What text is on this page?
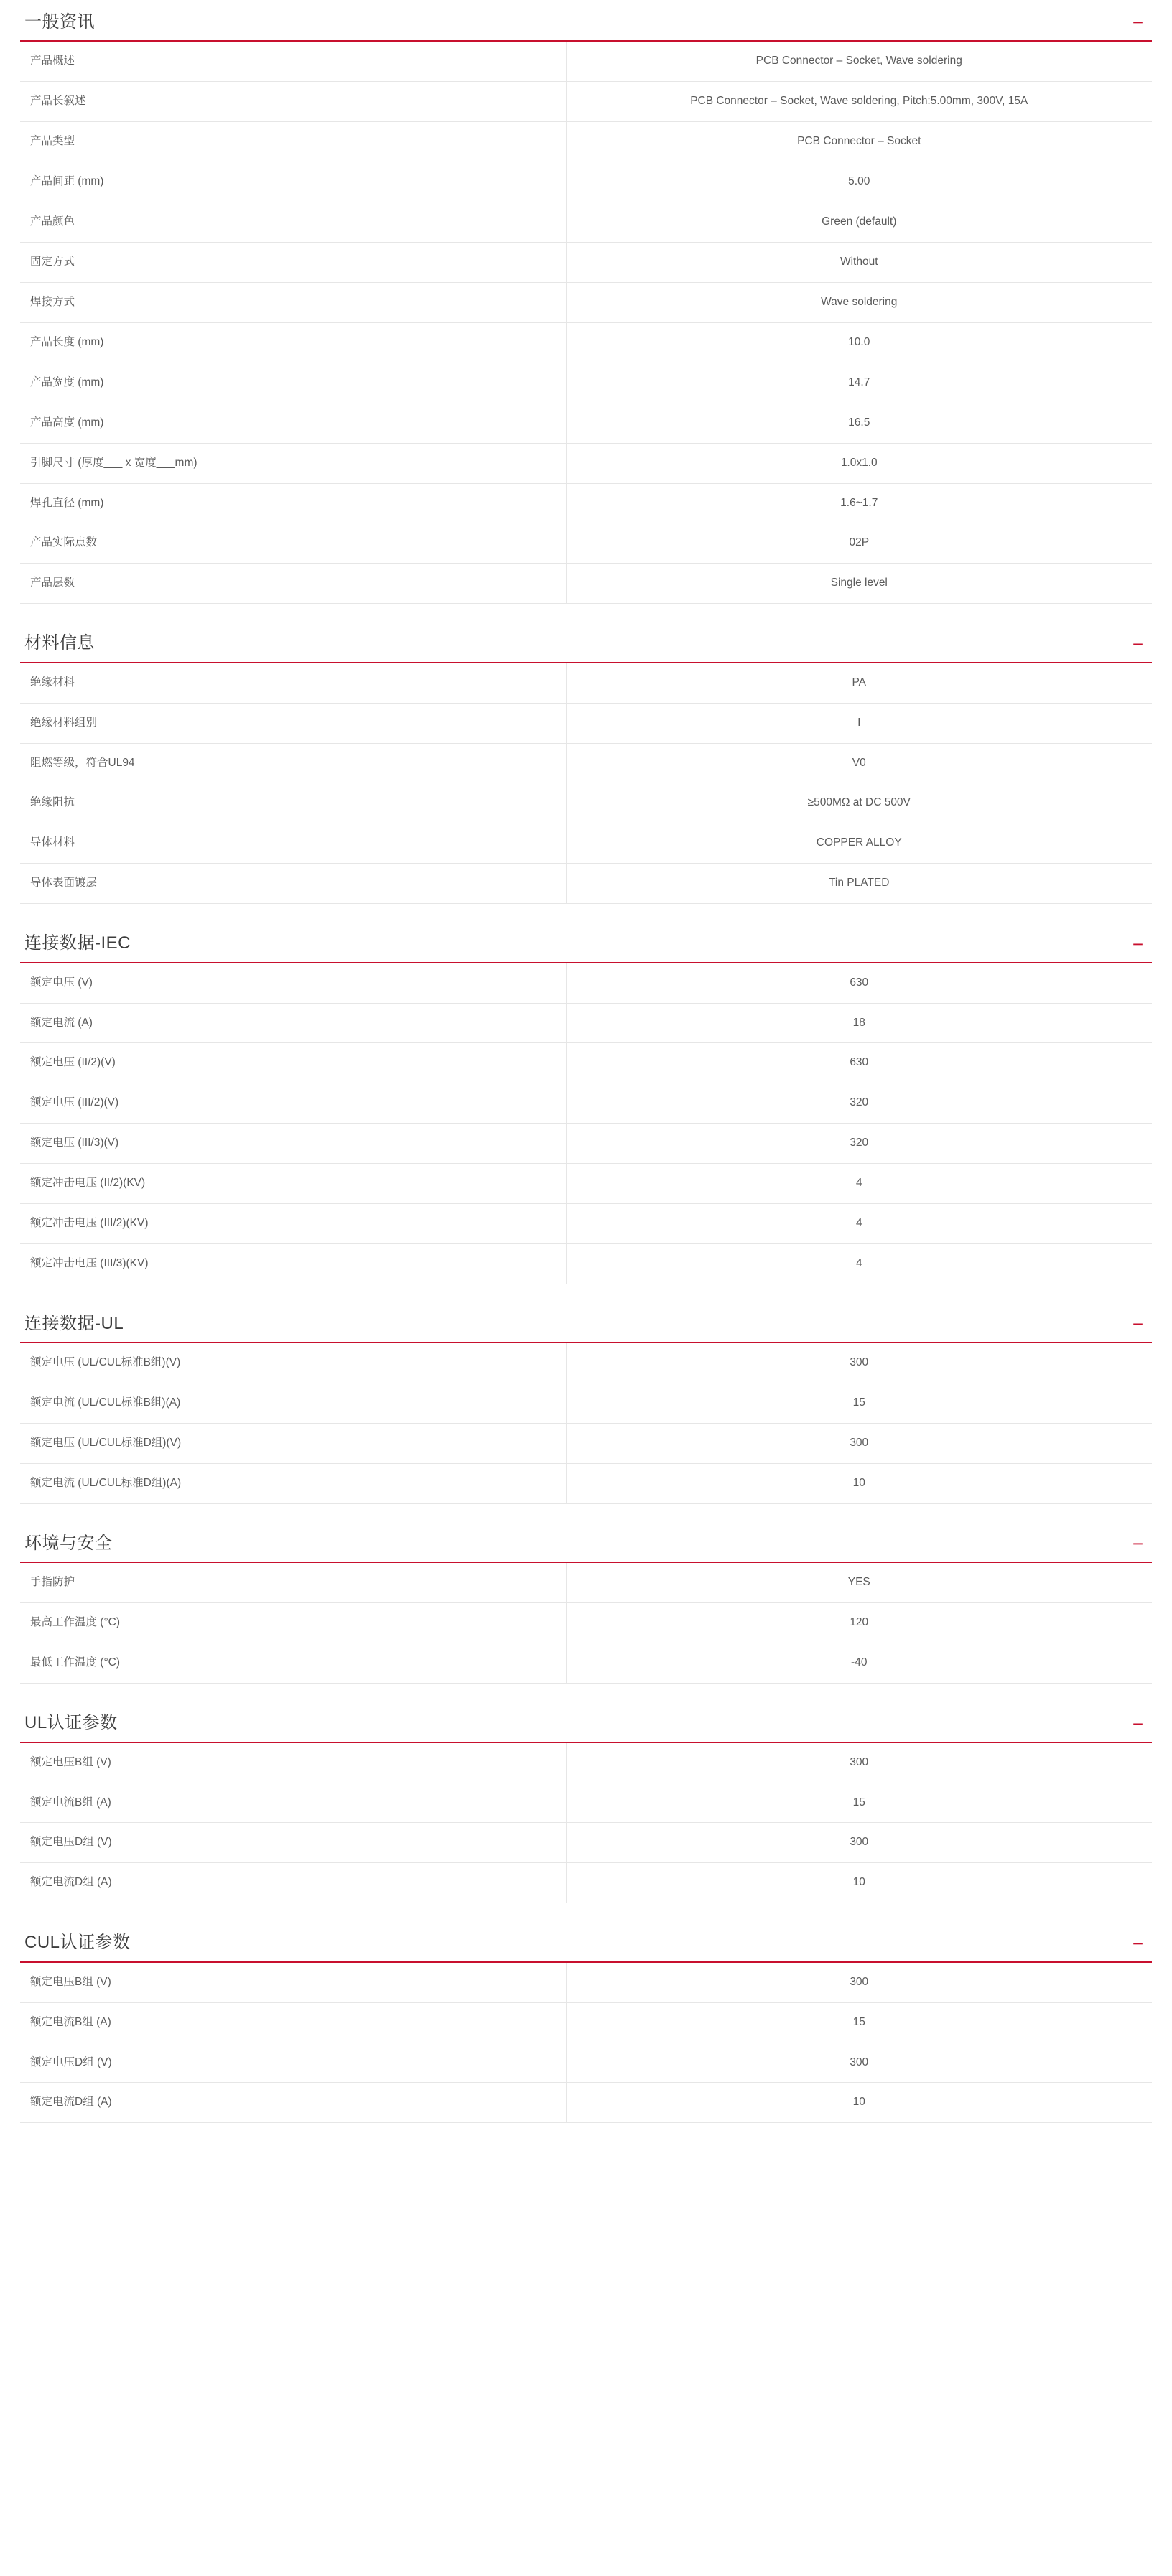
一般资讯	−
产品概述	PCB Connector – Socket, Wave soldering
产品长叙述	PCB Connector – Socket, Wave soldering, Pitch:5.00mm, 300V, 15A
产品类型	PCB Connector – Socket
产品间距 (mm)	5.00
产品颜色	Green (default)
固定方式	Without
焊接方式	Wave soldering
产品长度 (mm)	10.0
产品宽度 (mm)	14.7
产品高度 (mm)	16.5
引脚尺寸 (厚度___ x 宽度___mm)	1.0x1.0
焊孔直径 (mm)	1.6~1.7
产品实际点数	02P
产品层数	Single level
材料信息	−
绝缘材料	PA
绝缘材料组别	I
阻燃等级，符合UL94	V0
绝缘阻抗	≥500MΩ at DC 500V
导体材料	COPPER ALLOY
导体表面镀层	Tin PLATED
连接数据-IEC	−
额定电压 (V)	630
额定电流 (A)	18
额定电压 (II/2)(V)	630
额定电压 (III/2)(V)	320
额定电压 (III/3)(V)	320
额定冲击电压 (II/2)(KV)	4
额定冲击电压 (III/2)(KV)	4
额定冲击电压 (III/3)(KV)	4
连接数据-UL	−
额定电压 (UL/CUL标准B组)(V)	300
额定电流 (UL/CUL标准B组)(A)	15
额定电压 (UL/CUL标准D组)(V)	300
额定电流 (UL/CUL标准D组)(A)	10
环境与安全	−
手指防护	YES
最高工作温度 (°C)	120
最低工作温度 (°C)	-40
UL认证参数	−
额定电压B组 (V)	300
额定电流B组 (A)	15
额定电压D组 (V)	300
额定电流D组 (A)	10
CUL认证参数	−
额定电压B组 (V)	300
额定电流B组 (A)	15
额定电压D组 (V)	300
额定电流D组 (A)	10
